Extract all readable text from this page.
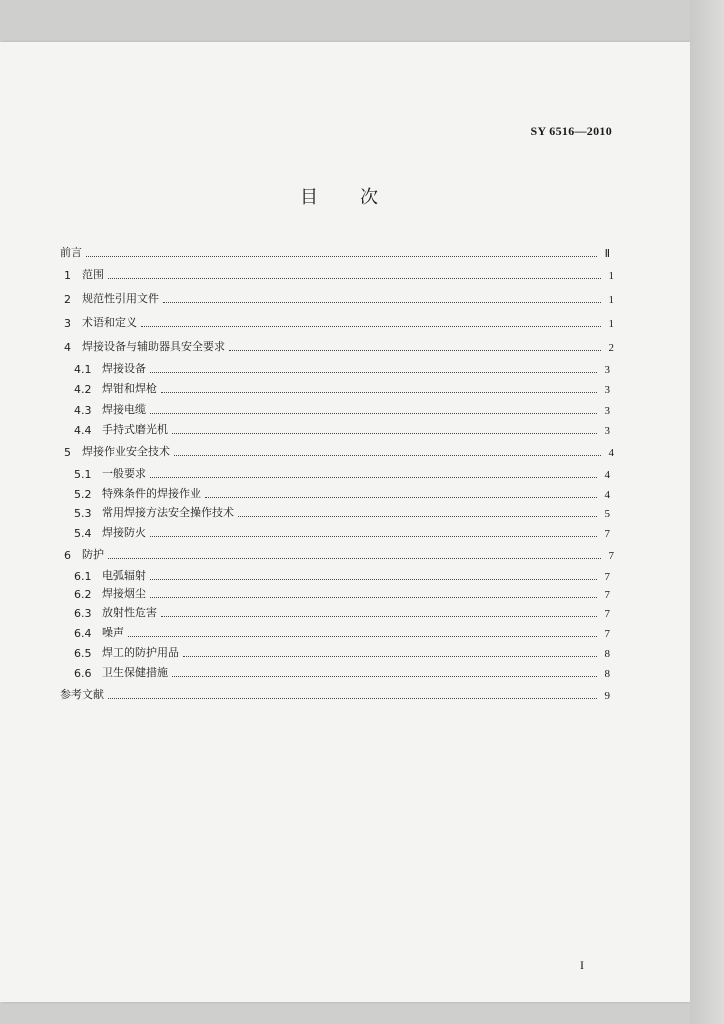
SY 6516—2010
目次
前言	Ⅱ
1	范围	1
2	规范性引用文件	1
3	术语和定义	1
4	焊接设备与辅助器具安全要求	2
4.1 焊接设备	3
4.2 焊钳和焊枪	3
4.3 焊接电缆	3
4.4 手持式磨光机	3
5	焊接作业安全技术	4
5.1 一般要求	4
5.2 特殊条件的焊接作业	4
5.3 常用焊接方法安全操作技术	5
5.4 焊接防火	7
6	防护	7
6.1 电弧辐射	7
6.2 焊接烟尘	7
6.3 放射性危害	7
6.4 噪声	7
6.5 焊工的防护用品	8
6.6 卫生保健措施	8
参考文献	9
I
